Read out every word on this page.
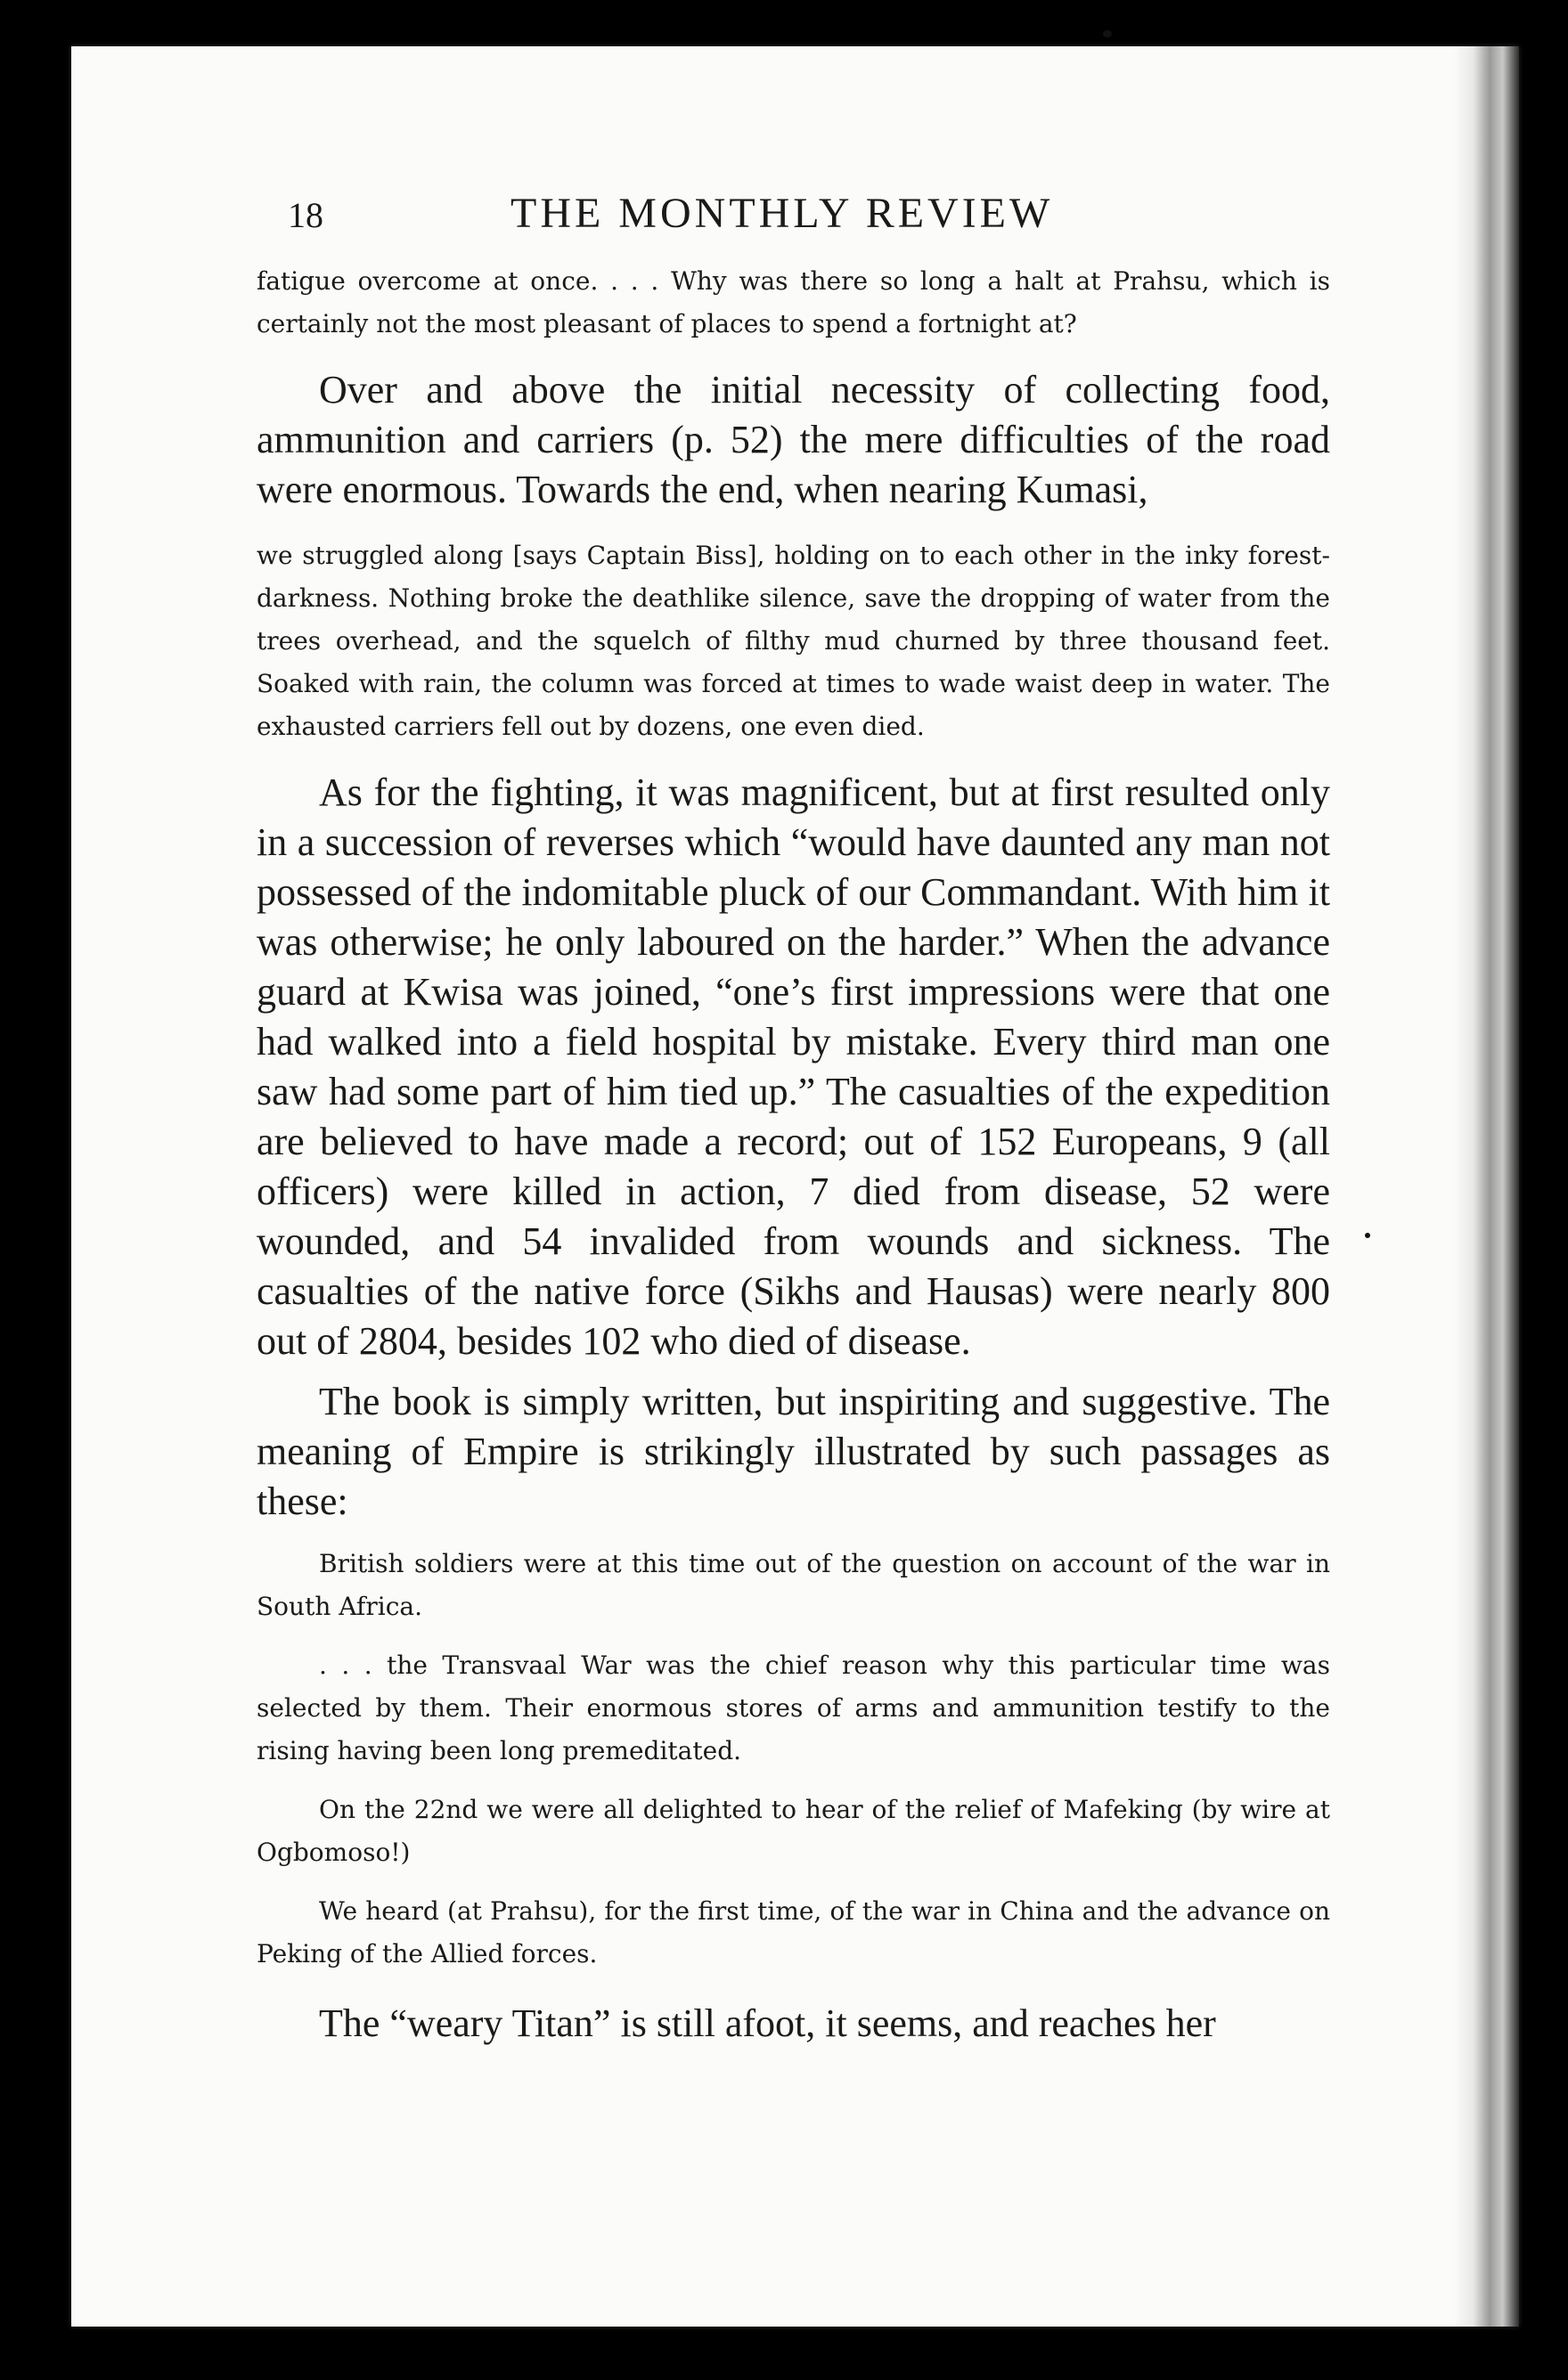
18	THE MONTHLY REVIEW

fatigue overcome at once. . . . Why was there so long a halt at Prahsu, which is certainly not the most pleasant of places to spend a fortnight at?

Over and above the initial necessity of collecting food, ammunition and carriers (p. 52) the mere difficulties of the road were enormous. Towards the end, when nearing Kumasi,

we struggled along [says Captain Biss], holding on to each other in the inky forest-darkness. Nothing broke the deathlike silence, save the dropping of water from the trees overhead, and the squelch of filthy mud churned by three thousand feet. Soaked with rain, the column was forced at times to wade waist deep in water. The exhausted carriers fell out by dozens, one even died.

As for the fighting, it was magnificent, but at first resulted only in a succession of reverses which “would have daunted any man not possessed of the indomitable pluck of our Commandant. With him it was otherwise; he only laboured on the harder.” When the advance guard at Kwisa was joined, “one’s first impressions were that one had walked into a field hospital by mistake. Every third man one saw had some part of him tied up.” The casualties of the expedition are believed to have made a record; out of 152 Europeans, 9 (all officers) were killed in action, 7 died from disease, 52 were wounded, and 54 invalided from wounds and sickness. The casualties of the native force (Sikhs and Hausas) were nearly 800 out of 2804, besides 102 who died of disease.

The book is simply written, but inspiriting and suggestive. The meaning of Empire is strikingly illustrated by such passages as these:

British soldiers were at this time out of the question on account of the war in South Africa.

. . . the Transvaal War was the chief reason why this particular time was selected by them. Their enormous stores of arms and ammunition testify to the rising having been long premeditated.

On the 22nd we were all delighted to hear of the relief of Mafeking (by wire at Ogbomoso!)

We heard (at Prahsu), for the first time, of the war in China and the advance on Peking of the Allied forces.

The “weary Titan” is still afoot, it seems, and reaches her
